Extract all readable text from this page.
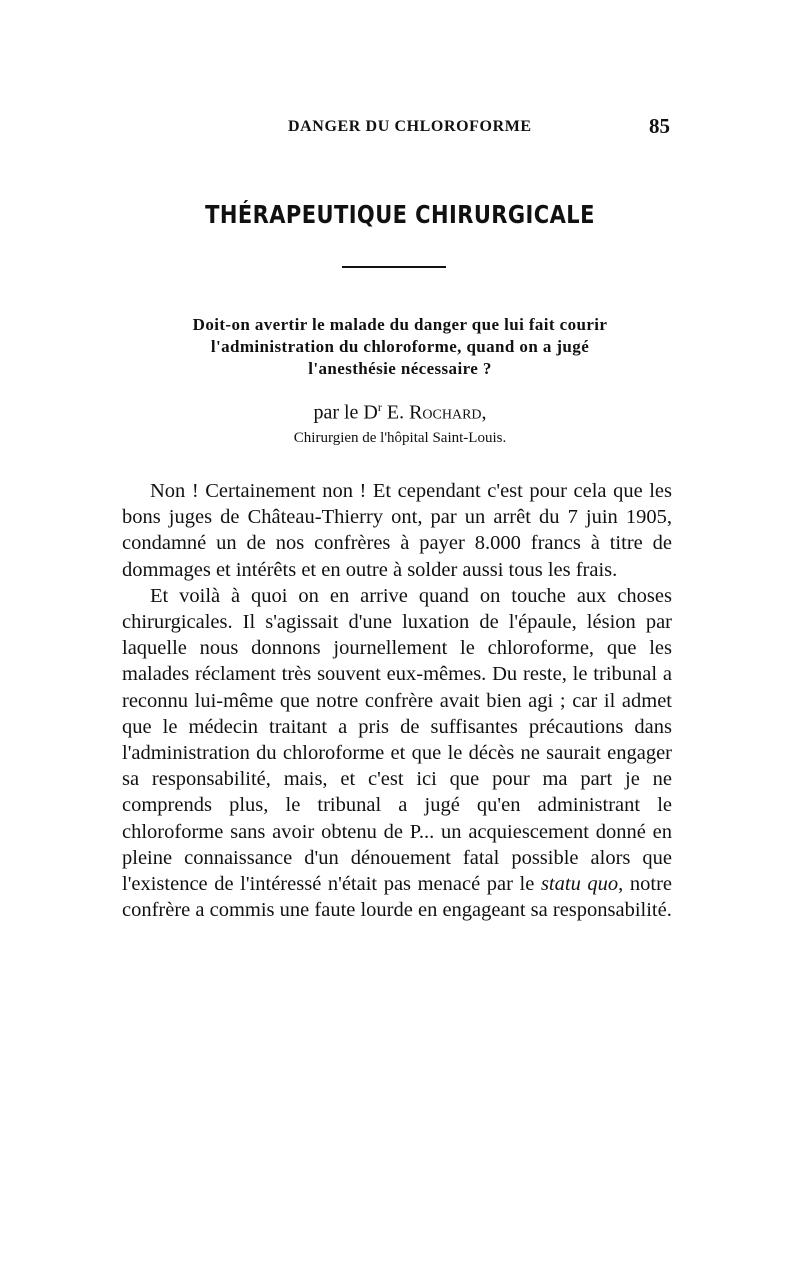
DANGER DU CHLOROFORME	85
THÉRAPEUTIQUE CHIRURGICALE
Doit-on avertir le malade du danger que lui fait courir
l'administration du chloroforme, quand on a jugé
l'anesthésie nécessaire ?
par le $D^r$ E. Rochard,
Chirurgien de l'hôpital Saint-Louis.

Non ! Certainement non ! Et cependant c'est pour cela que les bons juges de Château-Thierry ont, par un arrêt du 7 juin 1905, condamné un de nos confrères à payer 8.000 francs à titre de dommages et intérêts et en outre à solder aussi tous les frais.

Et voilà à quoi on en arrive quand on touche aux choses chirurgicales. Il s'agissait d'une luxation de l'épaule, lésion par laquelle nous donnons journellement le chloroforme, que les malades réclament très souvent eux-mêmes. Du reste, le tribunal a reconnu lui-même que notre confrère avait bien agi ; car il admet que le médecin traitant a pris de suffisantes précautions dans l'administration du chloroforme et que le décès ne saurait engager sa responsabilité, mais, et c'est ici que pour ma part je ne comprends plus, le tribunal a jugé qu'en administrant le chloroforme sans avoir obtenu de P... un acquiescement donné en pleine connaissance d'un dénouement fatal possible alors que l'existence de l'intéressé n'était pas menacé par le statu quo, notre confrère a commis une faute lourde en engageant sa responsabilité.
